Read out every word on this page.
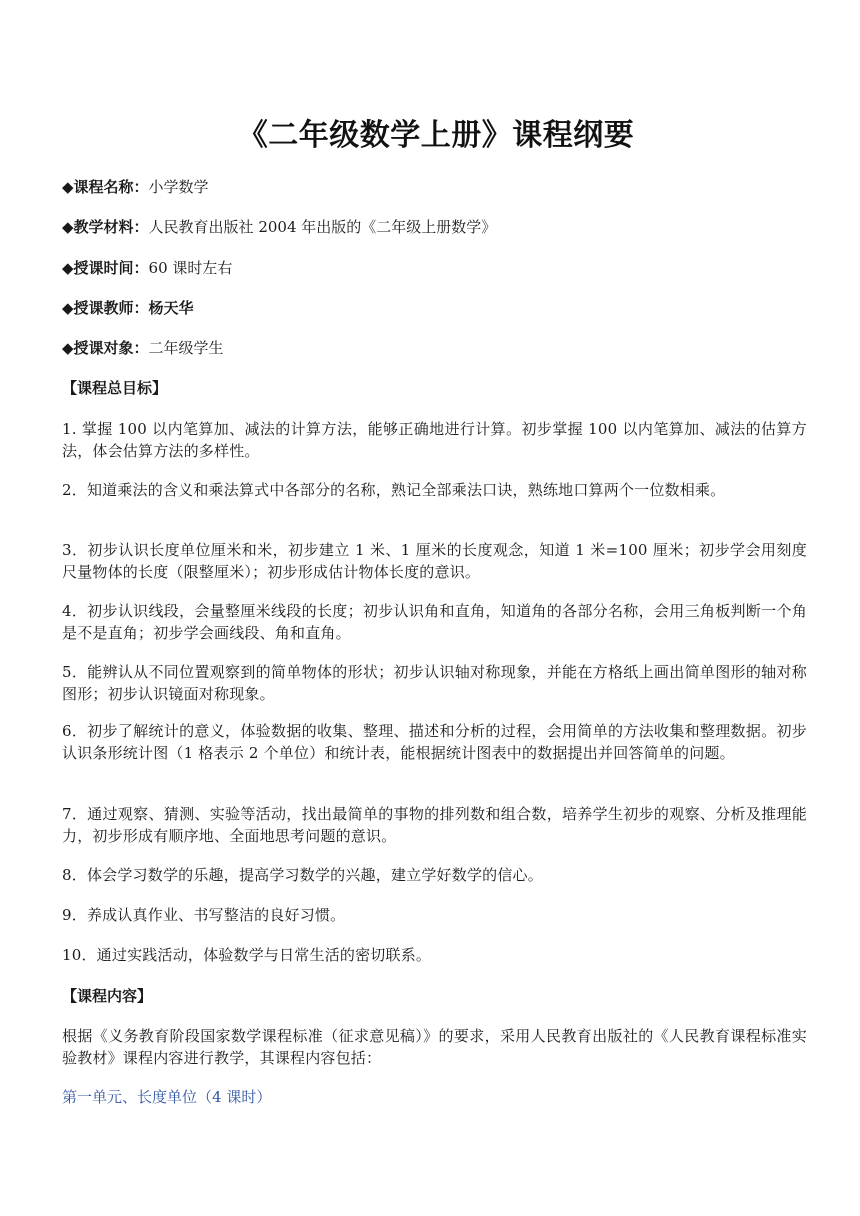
《二年级数学上册》课程纲要
◆课程名称：小学数学
◆教学材料：人民教育出版社 2004 年出版的《二年级上册数学》
◆授课时间：60 课时左右
◆授课教师：杨天华
◆授课对象：二年级学生
【课程总目标】
1. 掌握 100 以内笔算加、减法的计算方法，能够正确地进行计算。初步掌握 100 以内笔算加、减法的估算方法，体会估算方法的多样性。
2．知道乘法的含义和乘法算式中各部分的名称，熟记全部乘法口诀，熟练地口算两个一位数相乘。
3．初步认识长度单位厘米和米，初步建立 1 米、1 厘米的长度观念，知道 1 米=100 厘米；初步学会用刻度尺量物体的长度（限整厘米）；初步形成估计物体长度的意识。
4．初步认识线段，会量整厘米线段的长度；初步认识角和直角，知道角的各部分名称，会用三角板判断一个角是不是直角；初步学会画线段、角和直角。
5．能辨认从不同位置观察到的简单物体的形状；初步认识轴对称现象，并能在方格纸上画出简单图形的轴对称图形；初步认识镜面对称现象。
6．初步了解统计的意义，体验数据的收集、整理、描述和分析的过程，会用简单的方法收集和整理数据。初步认识条形统计图（1 格表示 2 个单位）和统计表，能根据统计图表中的数据提出并回答简单的问题。
7．通过观察、猜测、实验等活动，找出最简单的事物的排列数和组合数，培养学生初步的观察、分析及推理能力，初步形成有顺序地、全面地思考问题的意识。
8．体会学习数学的乐趣，提高学习数学的兴趣，建立学好数学的信心。
9．养成认真作业、书写整洁的良好习惯。
10．通过实践活动，体验数学与日常生活的密切联系。
【课程内容】
根据《义务教育阶段国家数学课程标准（征求意见稿）》的要求，采用人民教育出版社的《人民教育课程标准实验教材》课程内容进行教学，其课程内容包括：
第一单元、长度单位（4 课时）
